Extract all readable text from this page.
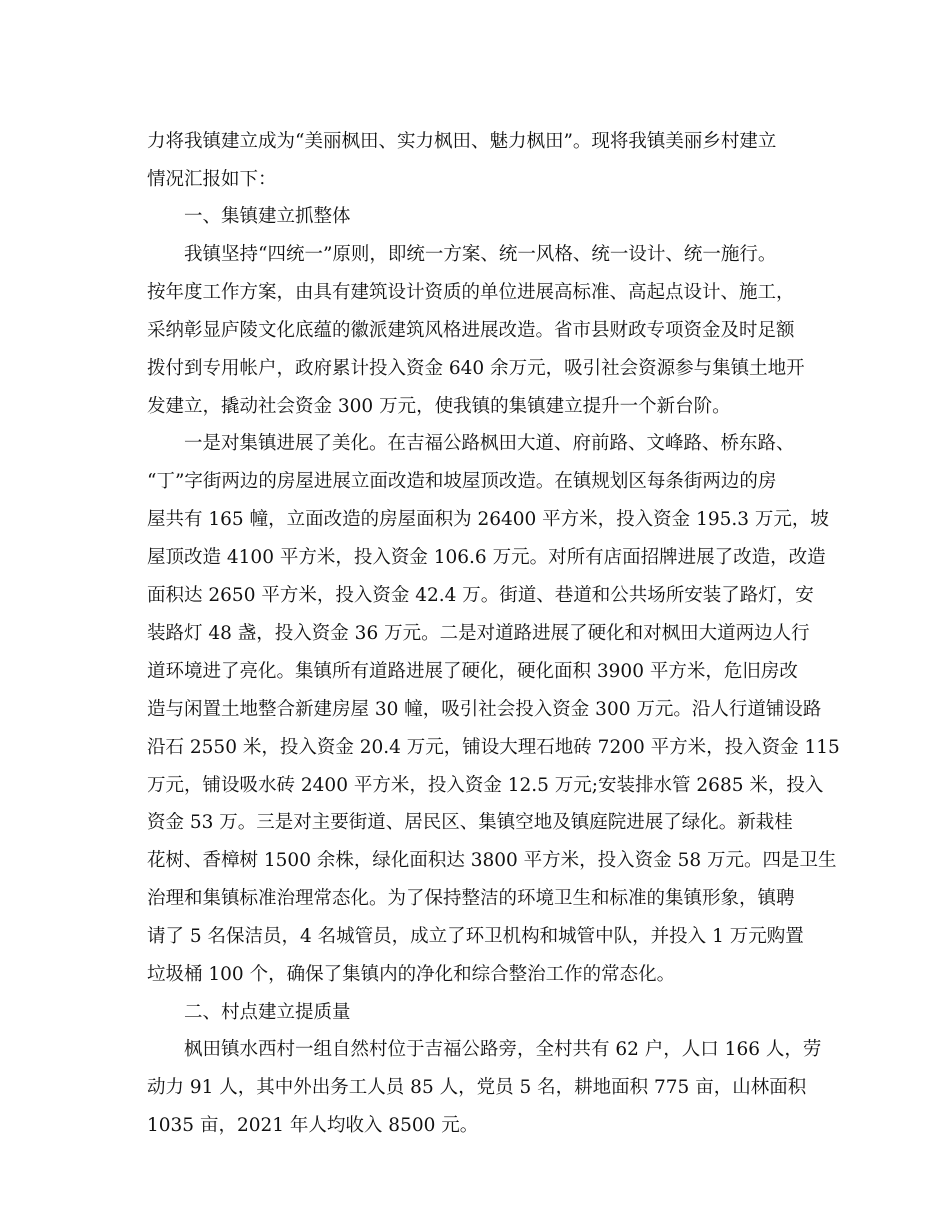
力将我镇建立成为“美丽枫田、实力枫田、魅力枫田”。现将我镇美丽乡村建立
情况汇报如下：
一、集镇建立抓整体
我镇坚持“四统一”原则，即统一方案、统一风格、统一设计、统一施行。
按年度工作方案，由具有建筑设计资质的单位进展高标准、高起点设计、施工，
采纳彰显庐陵文化底蕴的徽派建筑风格进展改造。省市县财政专项资金及时足额
拨付到专用帐户，政府累计投入资金 640 余万元，吸引社会资源参与集镇土地开
发建立，撬动社会资金 300 万元，使我镇的集镇建立提升一个新台阶。
一是对集镇进展了美化。在吉福公路枫田大道、府前路、文峰路、桥东路、
“丁”字街两边的房屋进展立面改造和坡屋顶改造。在镇规划区每条街两边的房
屋共有 165 幢，立面改造的房屋面积为 26400 平方米，投入资金 195.3 万元，坡
屋顶改造 4100 平方米，投入资金 106.6 万元。对所有店面招牌进展了改造，改造
面积达 2650 平方米，投入资金 42.4 万。街道、巷道和公共场所安装了路灯，安
装路灯 48 盏，投入资金 36 万元。二是对道路进展了硬化和对枫田大道两边人行
道环境进了亮化。集镇所有道路进展了硬化，硬化面积 3900 平方米，危旧房改
造与闲置土地整合新建房屋 30 幢，吸引社会投入资金 300 万元。沿人行道铺设路
沿石 2550 米，投入资金 20.4 万元，铺设大理石地砖 7200 平方米，投入资金 115
万元，铺设吸水砖 2400 平方米，投入资金 12.5 万元;安装排水管 2685 米，投入
资金 53 万。三是对主要街道、居民区、集镇空地及镇庭院进展了绿化。新栽桂
花树、香樟树 1500 余株，绿化面积达 3800 平方米，投入资金 58 万元。四是卫生
治理和集镇标准治理常态化。为了保持整洁的环境卫生和标准的集镇形象，镇聘
请了 5 名保洁员，4 名城管员，成立了环卫机构和城管中队，并投入 1 万元购置
垃圾桶 100 个，确保了集镇内的净化和综合整治工作的常态化。
二、村点建立提质量
枫田镇水西村一组自然村位于吉福公路旁，全村共有 62 户，人口 166 人，劳
动力 91 人，其中外出务工人员 85 人，党员 5 名，耕地面积 775 亩，山林面积
1035 亩，2021 年人均收入 8500 元。
